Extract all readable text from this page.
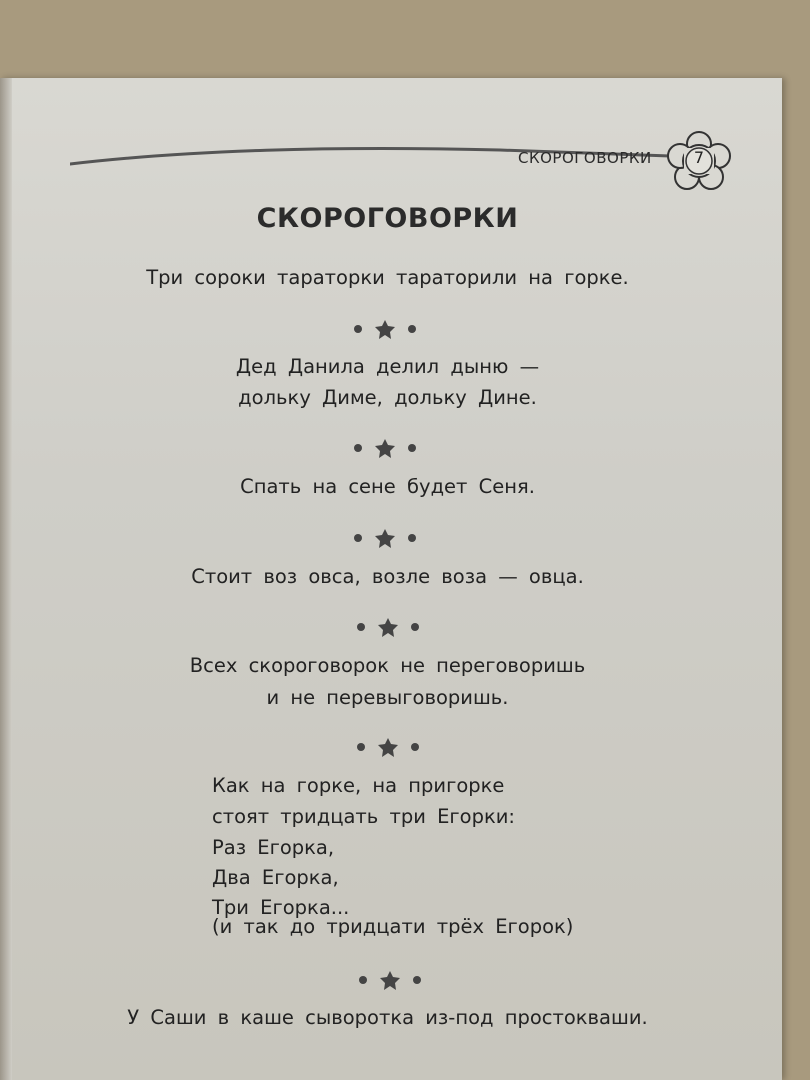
СКОРОГОВОРКИ	7
СКОРОГОВОРКИ
Три сороки тараторки тараторили на горке.
Дед Данила делил дыню —
дольку Диме, дольку Дине.
Спать на сене будет Сеня.
Стоит воз овса, возле воза — овца.
Всех скороговорок не переговоришь
и не перевыговоришь.
Как на горке, на пригорке
стоят тридцать три Егорки:
Раз Егорка,
Два Егорка,
Три Егорка...
(и так до тридцати трёх Егорок)
У Саши в каше сыворотка из-под простокваши.
